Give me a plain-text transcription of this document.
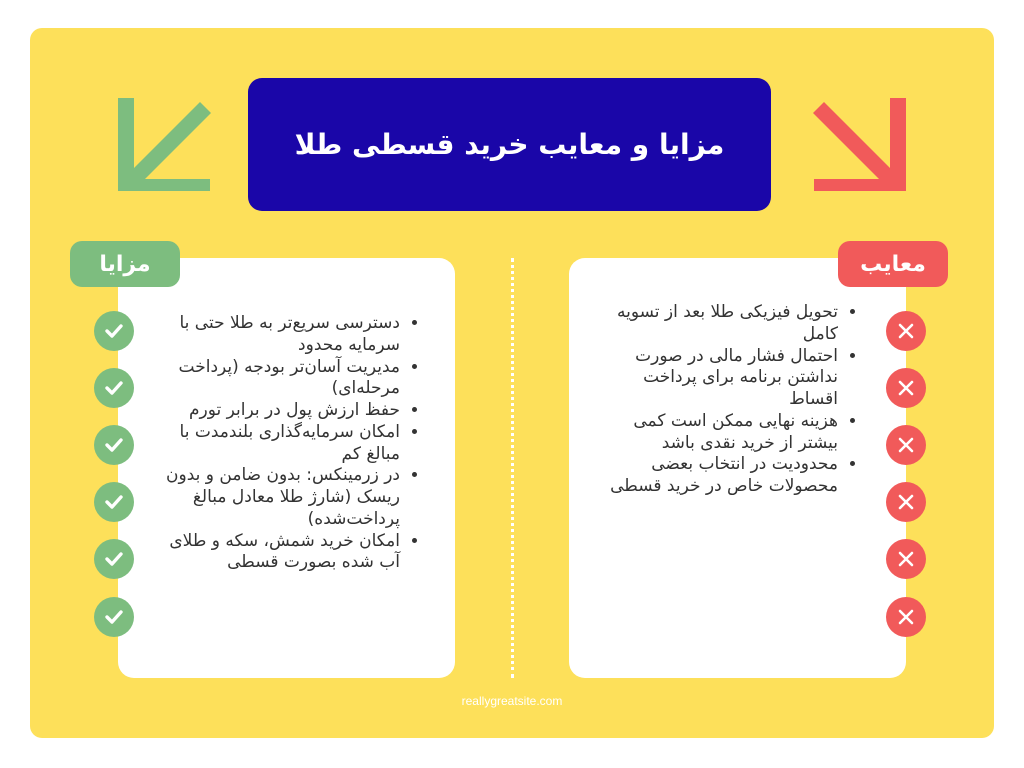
مزایا و معایب خرید قسطی طلا
مزایا	معایب
• دسترسی سریع‌تر به طلا حتی با سرمایه محدود
• مدیریت آسان‌تر بودجه (پرداخت مرحله‌ای)
• حفظ ارزش پول در برابر تورم
• امکان سرمایه‌گذاری بلندمدت با مبالغ کم
• در زرمینکس: بدون ضامن و بدون ریسک (شارژ طلا معادل مبالغ پرداخت‌شده)
• امکان خرید شمش، سکه و طلای آب شده بصورت قسطی
• تحویل فیزیکی طلا بعد از تسویه کامل
• احتمال فشار مالی در صورت نداشتن برنامه برای پرداخت اقساط
• هزینه نهایی ممکن است کمی بیشتر از خرید نقدی باشد
• محدودیت در انتخاب بعضی محصولات خاص در خرید قسطی
reallygreatsite.com
